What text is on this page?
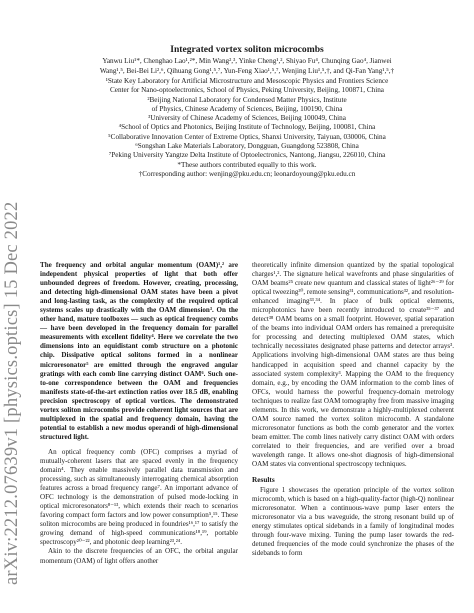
arXiv:2212.07639v1 [physics.optics] 15 Dec 2022
Integrated vortex soliton microcombs
Yanwu Liu¹*, Chenghao Lao¹,²*, Min Wang²,³, Yinke Cheng¹,², Shiyao Fu⁴, Chunqing Gao⁴, Jianwei
Wang¹,⁵, Bei-Bei Li²,⁶, Qihuang Gong¹,⁵,⁷, Yun-Feng Xiao¹,⁵,⁷, Wenjing Liu¹,⁵,†, and Qi-Fan Yang¹,⁵,†
¹State Key Laboratory for Artificial Microstructure and Mesoscopic Physics and Frontiers Science
Center for Nano-optoelectronics, School of Physics, Peking University, Beijing, 100871, China
²Beijing National Laboratory for Condensed Matter Physics, Institute
of Physics, Chinese Academy of Sciences, Beijing, 100190, China
³University of Chinese Academy of Sciences, Beijing 100049, China
⁴School of Optics and Photonics, Beijing Institute of Technology, Beijing, 100081, China
⁵Collaborative Innovation Center of Extreme Optics, Shanxi University, Taiyuan, 030006, China
⁶Songshan Lake Materials Laboratory, Dongguan, Guangdong 523808, China
⁷Peking University Yangtze Delta Institute of Optoelectronics, Nantong, Jiangsu, 226010, China
*These authors contributed equally to this work.
†Corresponding author: wenjing@pku.edu.cn; leonardoyoung@pku.edu.cn

The frequency and orbital angular momentum (OAM)¹,² are independent physical properties of light that both offer unbounded degrees of freedom. However, creating, processing, and detecting high-dimensional OAM states have been a pivot and long-lasting task, as the complexity of the required optical systems scales up drastically with the OAM dimension³. On the other hand, mature toolboxes — such as optical frequency combs — have been developed in the frequency domain for parallel measurements with excellent fidelity⁴. Here we correlate the two dimensions into an equidistant comb structure on a photonic chip. Dissipative optical solitons formed in a nonlinear microresonator⁵ are emitted through the engraved angular gratings with each comb line carrying distinct OAM⁶. Such one-to-one correspondence between the OAM and frequencies manifests state-of-the-art extinction ratios over 18.5 dB, enabling precision spectroscopy of optical vortices. The demonstrated vortex soliton microcombs provide coherent light sources that are multiplexed in the spatial and frequency domain, having the potential to establish a new modus operandi of high-dimensional structured light.

An optical frequency comb (OFC) comprises a myriad of mutually-coherent lasers that are spaced evenly in the frequency domain⁴. They enable massively parallel data transmission and processing, such as simultaneously interrogating chemical absorption features across a broad frequency range⁷. An important advance of OFC technology is the demonstration of pulsed mode-locking in optical microresonators⁸⁻¹³, which extends their reach to scenarios favoring compact form factors and low power consumption⁵,¹⁵. These soliton microcombs are being produced in foundries¹⁶,¹⁷ to satisfy the growing demand of high-speed communications¹⁸,¹⁹, portable spectroscopy²⁰⁻²², and photonic deep learning²³,²⁴.

Akin to the discrete frequencies of an OFC, the orbital angular momentum (OAM) of light offers another

theoretically infinite dimension quantized by the spatial topological charges¹,². The signature helical wavefronts and phase singularities of OAM beams²⁵ create new quantum and classical states of light²⁶⁻²⁹ for optical tweezing³⁰, remote sensing³¹, communications³², and resolution-enhanced imaging³³,³⁴. In place of bulk optical elements, microphotonics have been recently introduced to create³⁵⁻³⁷ and detect³⁸ OAM beams on a small footprint. However, spatial separation of the beams into individual OAM orders has remained a prerequisite for processing and detecting multiplexed OAM states, which technically necessitates designated phase patterns and detector arrays³. Applications involving high-dimensional OAM states are thus being handicapped in acquisition speed and channel capacity by the associated system complexity³. Mapping the OAM to the frequency domain, e.g., by encoding the OAM information to the comb lines of OFCs, would harness the powerful frequency-domain metrology techniques to realize fast OAM tomography free from massive imaging elements. In this work, we demonstrate a highly-multiplexed coherent OAM source named the vortex soliton microcomb. A standalone microresonator functions as both the comb generator and the vortex beam emitter. The comb lines natively carry distinct OAM with orders correlated to their frequencies, and are verified over a broad wavelength range. It allows one-shot diagnosis of high-dimensional OAM states via conventional spectroscopy techniques.

Results

Figure 1 showcases the operation principle of the vortex soliton microcomb, which is based on a high-quality-factor (high-Q) nonlinear microresonator. When a continuous-wave pump laser enters the microresonator via a bus waveguide, the strong resonant build up of energy stimulates optical sidebands in a family of longitudinal modes through four-wave mixing. Tuning the pump laser towards the red-detuned frequencies of the mode could synchronize the phases of the sidebands to form
